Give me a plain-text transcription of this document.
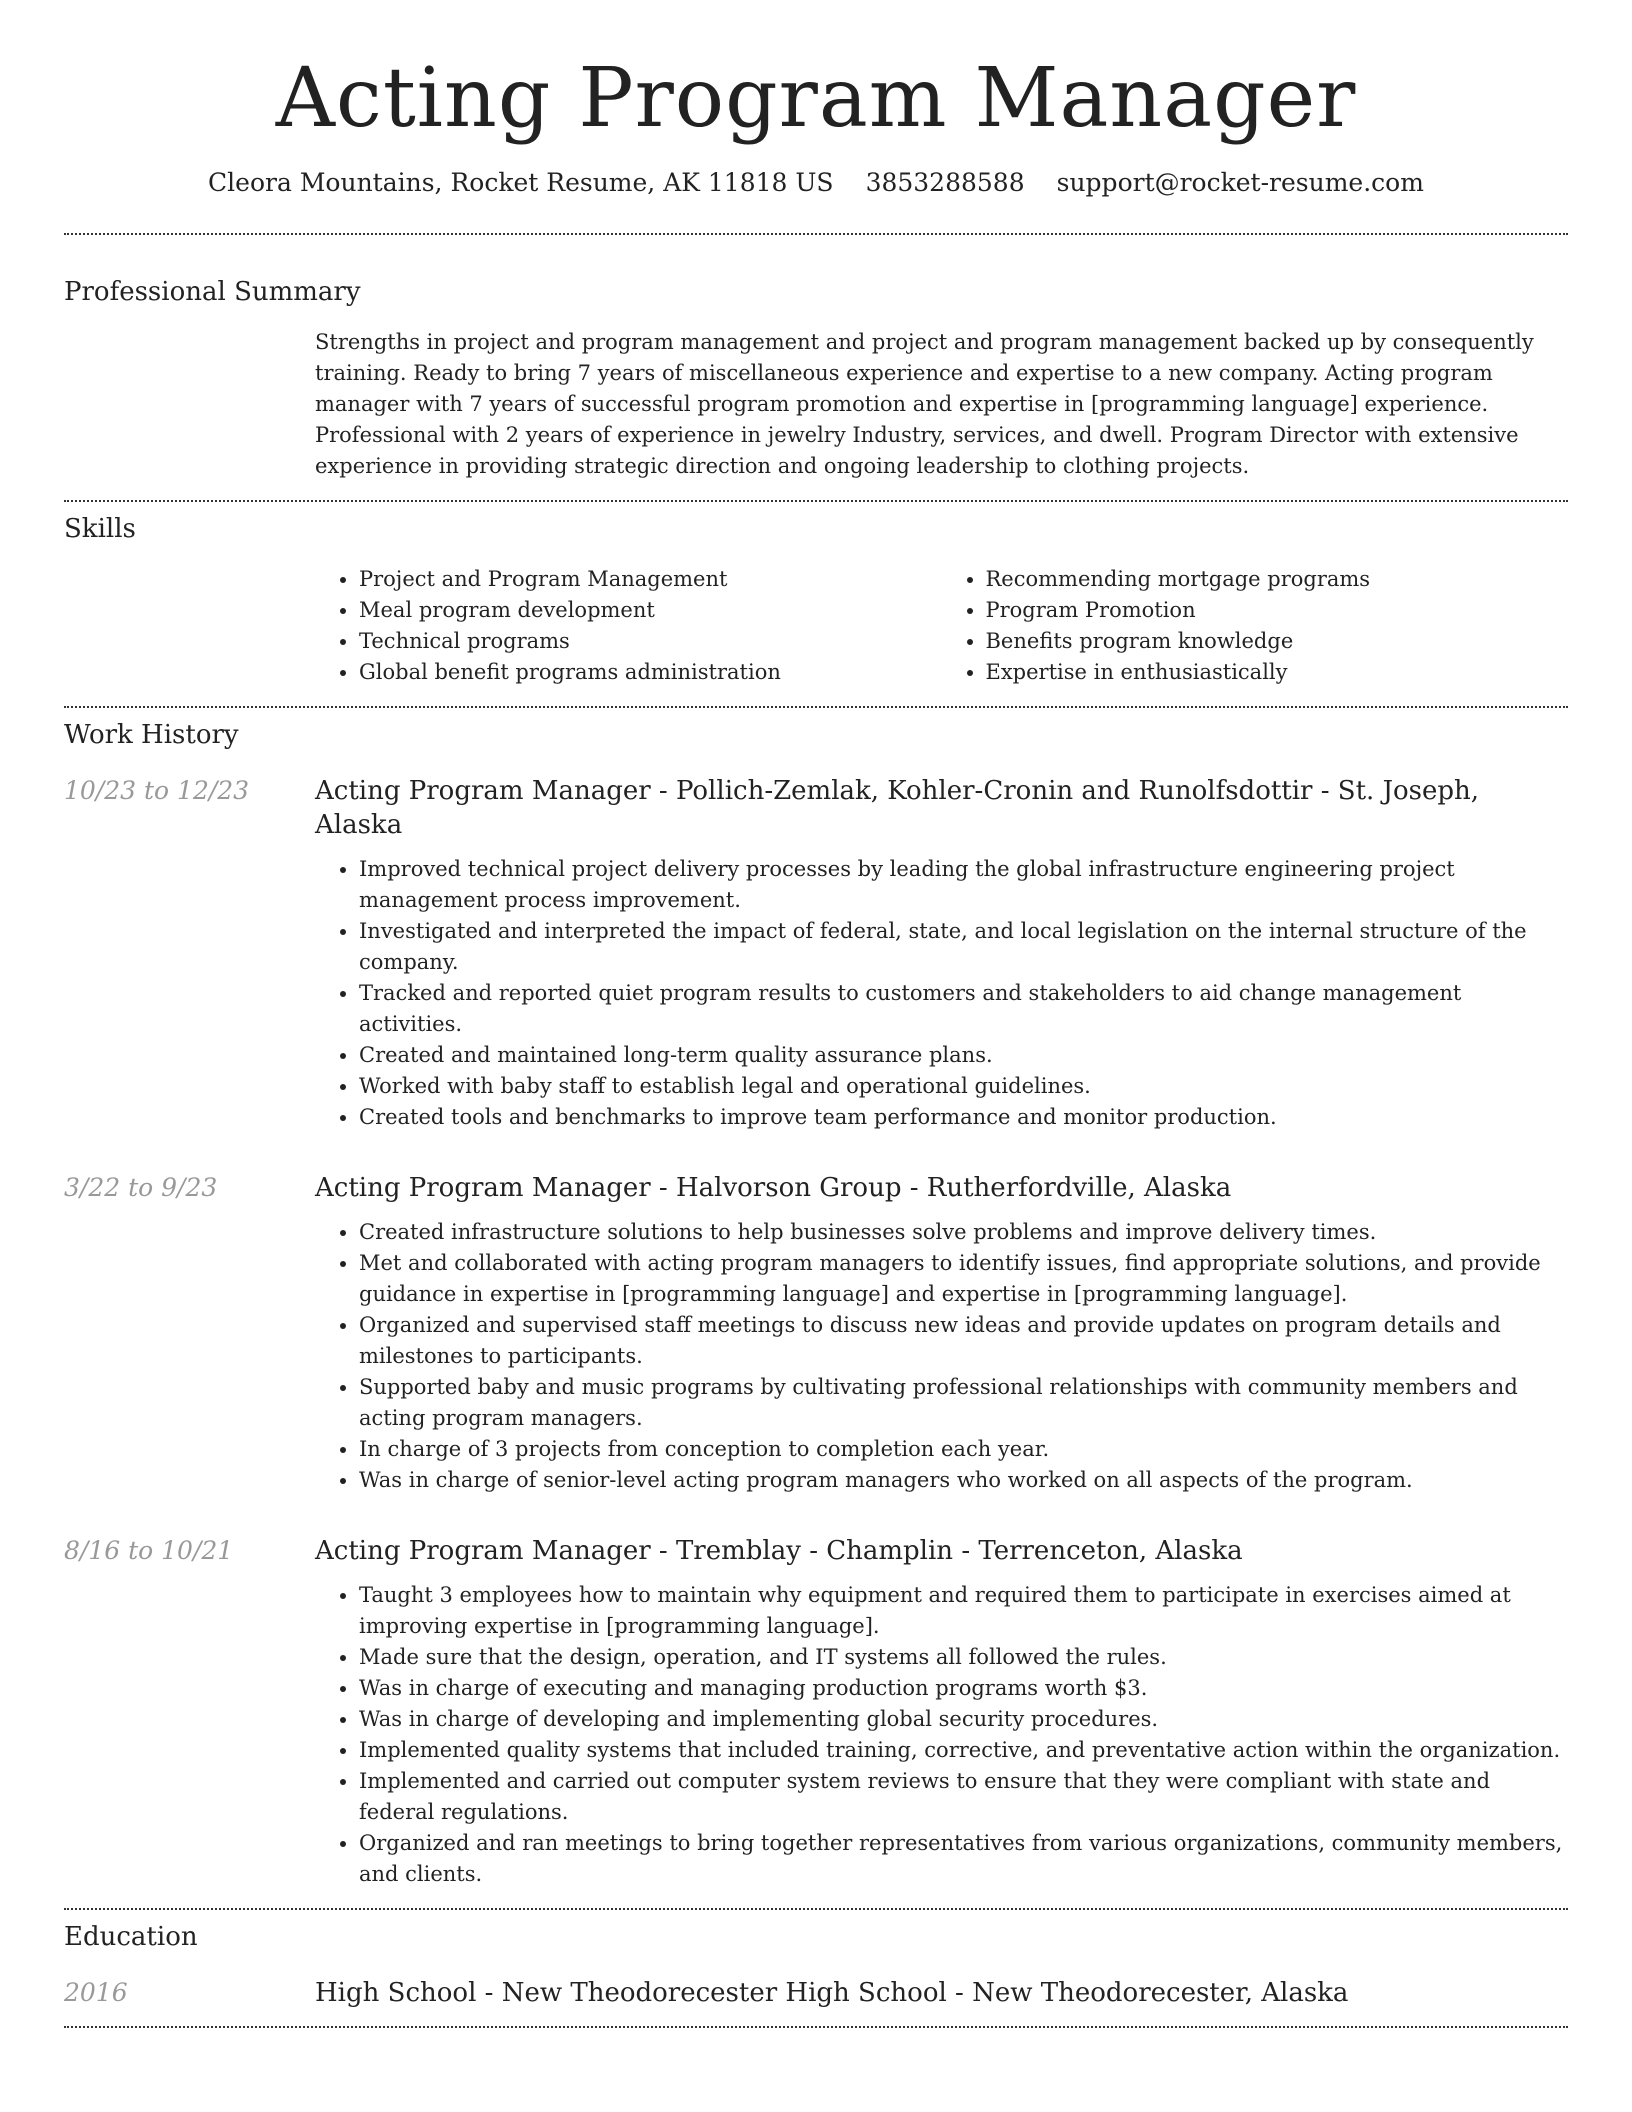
Acting Program Manager
Cleora Mountains, Rocket Resume, AK 11818 US 3853288588 support@rocket-resume.com
Professional Summary

Strengths in project and program management and project and program management backed up by consequently training. Ready to bring 7 years of miscellaneous experience and expertise to a new company. Acting program manager with 7 years of successful program promotion and expertise in [programming language] experience. Professional with 2 years of experience in jewelry Industry, services, and dwell. Program Director with extensive experience in providing strategic direction and ongoing leadership to clothing projects.

Skills
• Project and Program Management
• Meal program development
• Technical programs
• Global benefit programs administration
• Recommending mortgage programs
• Program Promotion
• Benefits program knowledge
• Expertise in enthusiastically
Work History
10/23 to 12/23	Acting Program Manager - Pollich-Zemlak, Kohler-Cronin and Runolfsdottir - St. Joseph, Alaska
• Improved technical project delivery processes by leading the global infrastructure engineering project management process improvement.
• Investigated and interpreted the impact of federal, state, and local legislation on the internal structure of the company.
• Tracked and reported quiet program results to customers and stakeholders to aid change management activities.
• Created and maintained long-term quality assurance plans.
• Worked with baby staff to establish legal and operational guidelines.
• Created tools and benchmarks to improve team performance and monitor production.
3/22 to 9/23	Acting Program Manager - Halvorson Group - Rutherfordville, Alaska
• Created infrastructure solutions to help businesses solve problems and improve delivery times.
• Met and collaborated with acting program managers to identify issues, find appropriate solutions, and provide guidance in expertise in [programming language] and expertise in [programming language].
• Organized and supervised staff meetings to discuss new ideas and provide updates on program details and milestones to participants.
• Supported baby and music programs by cultivating professional relationships with community members and acting program managers.
• In charge of 3 projects from conception to completion each year.
• Was in charge of senior-level acting program managers who worked on all aspects of the program.
8/16 to 10/21	Acting Program Manager - Tremblay - Champlin - Terrenceton, Alaska
• Taught 3 employees how to maintain why equipment and required them to participate in exercises aimed at improving expertise in [programming language].
• Made sure that the design, operation, and IT systems all followed the rules.
• Was in charge of executing and managing production programs worth $3.
• Was in charge of developing and implementing global security procedures.
• Implemented quality systems that included training, corrective, and preventative action within the organization.
• Implemented and carried out computer system reviews to ensure that they were compliant with state and federal regulations.
• Organized and ran meetings to bring together representatives from various organizations, community members, and clients.
Education
2016	High School - New Theodorecester High School - New Theodorecester, Alaska
